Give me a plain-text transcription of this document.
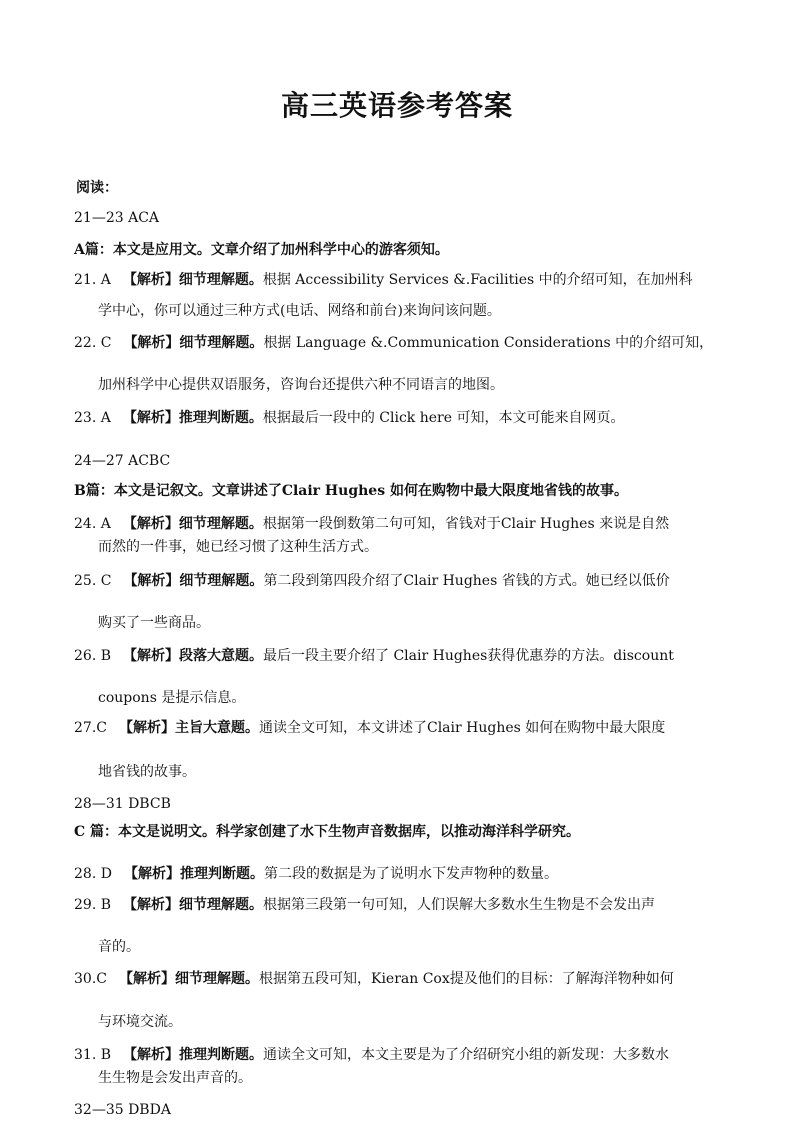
高三英语参考答案
阅读：
21—23 ACA
A篇：本文是应用文。文章介绍了加州科学中心的游客须知。
21. A 【解析】细节理解题。根据 Accessibility Services &.Facilities 中的介绍可知，在加州科
学中心，你可以通过三种方式(电话、网络和前台)来询问该问题。
22. C 【解析】细节理解题。根据 Language &.Communication Considerations 中的介绍可知，
加州科学中心提供双语服务，咨询台还提供六种不同语言的地图。
23. A 【解析】推理判断题。根据最后一段中的 Click here 可知，本文可能来自网页。
24—27 ACBC
B篇：本文是记叙文。文章讲述了Clair Hughes 如何在购物中最大限度地省钱的故事。
24. A 【解析】细节理解题。根据第一段倒数第二句可知，省钱对于Clair Hughes 来说是自然
而然的一件事，她已经习惯了这种生活方式。
25. C 【解析】细节理解题。第二段到第四段介绍了Clair Hughes 省钱的方式。她已经以低价
购买了一些商品。
26. B 【解析】段落大意题。最后一段主要介绍了 Clair Hughes获得优惠券的方法。discount
coupons 是提示信息。
27.C 【解析】主旨大意题。通读全文可知，本文讲述了Clair Hughes 如何在购物中最大限度
地省钱的故事。
28—31 DBCB
C 篇：本文是说明文。科学家创建了水下生物声音数据库，以推动海洋科学研究。
28. D 【解析】推理判断题。第二段的数据是为了说明水下发声物种的数量。
29. B 【解析】细节理解题。根据第三段第一句可知，人们误解大多数水生生物是不会发出声
音的。
30.C 【解析】细节理解题。根据第五段可知，Kieran Cox提及他们的目标：了解海洋物种如何
与环境交流。
31. B 【解析】推理判断题。通读全文可知，本文主要是为了介绍研究小组的新发现：大多数水
生生物是会发出声音的。
32—35 DBDA
